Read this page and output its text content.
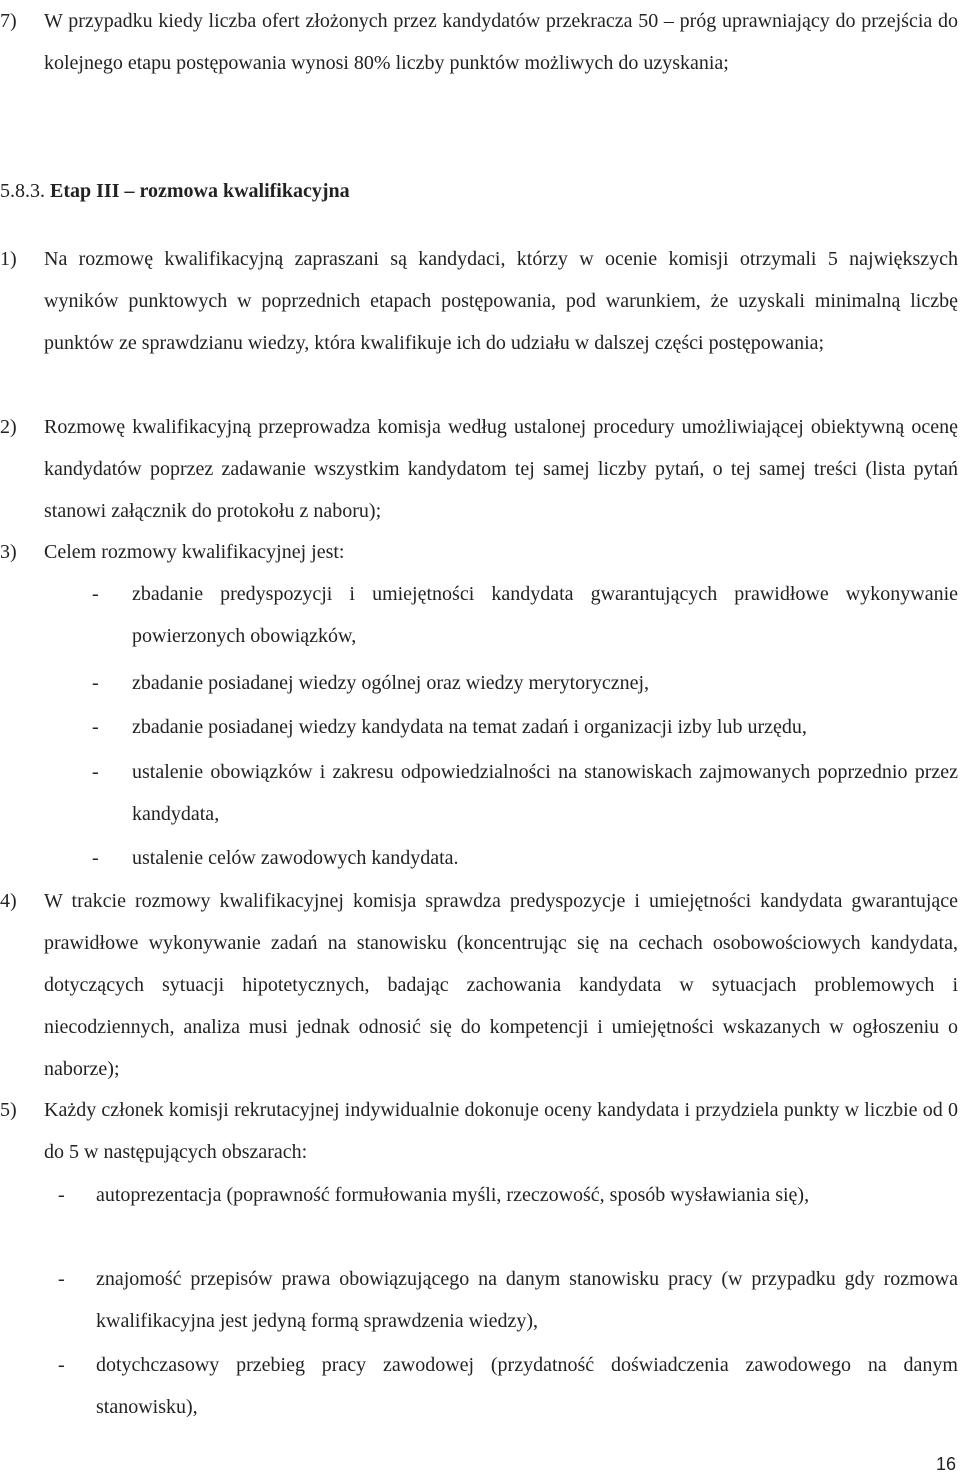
7) W przypadku kiedy liczba ofert złożonych przez kandydatów przekracza 50 – próg uprawniający do przejścia do kolejnego etapu postępowania wynosi 80% liczby punktów możliwych do uzyskania;
5.8.3. Etap III – rozmowa kwalifikacyjna
1) Na rozmowę kwalifikacyjną zapraszani są kandydaci, którzy w ocenie komisji otrzymali 5 największych wyników punktowych w poprzednich etapach postępowania, pod warunkiem, że uzyskali minimalną liczbę punktów ze sprawdzianu wiedzy, która kwalifikuje ich do udziału w dalszej części postępowania;
2) Rozmowę kwalifikacyjną przeprowadza komisja według ustalonej procedury umożliwiającej obiektywną ocenę kandydatów poprzez zadawanie wszystkim kandydatom tej samej liczby pytań, o tej samej treści (lista pytań stanowi załącznik do protokołu z naboru);
3) Celem rozmowy kwalifikacyjnej jest:
- zbadanie predyspozycji i umiejętności kandydata gwarantujących prawidłowe wykonywanie powierzonych obowiązków,
- zbadanie posiadanej wiedzy ogólnej oraz wiedzy merytorycznej,
- zbadanie posiadanej wiedzy kandydata na temat zadań i organizacji izby lub urzędu,
- ustalenie obowiązków i zakresu odpowiedzialności na stanowiskach zajmowanych poprzednio przez kandydata,
- ustalenie celów zawodowych kandydata.
4) W trakcie rozmowy kwalifikacyjnej komisja sprawdza predyspozycje i umiejętności kandydata gwarantujące prawidłowe wykonywanie zadań na stanowisku (koncentrując się na cechach osobowościowych kandydata, dotyczących sytuacji hipotetycznych, badając zachowania kandydata w sytuacjach problemowych i niecodziennych, analiza musi jednak odnosić się do kompetencji i umiejętności wskazanych w ogłoszeniu o naborze);
5) Każdy członek komisji rekrutacyjnej indywidualnie dokonuje oceny kandydata i przydziela punkty w liczbie od 0 do 5 w następujących obszarach:
- autoprezentacja (poprawność formułowania myśli, rzeczowość, sposób wysławiania się),
- znajomość przepisów prawa obowiązującego na danym stanowisku pracy (w przypadku gdy rozmowa kwalifikacyjna jest jedyną formą sprawdzenia wiedzy),
- dotychczasowy przebieg pracy zawodowej (przydatność doświadczenia zawodowego na danym stanowisku),
16
